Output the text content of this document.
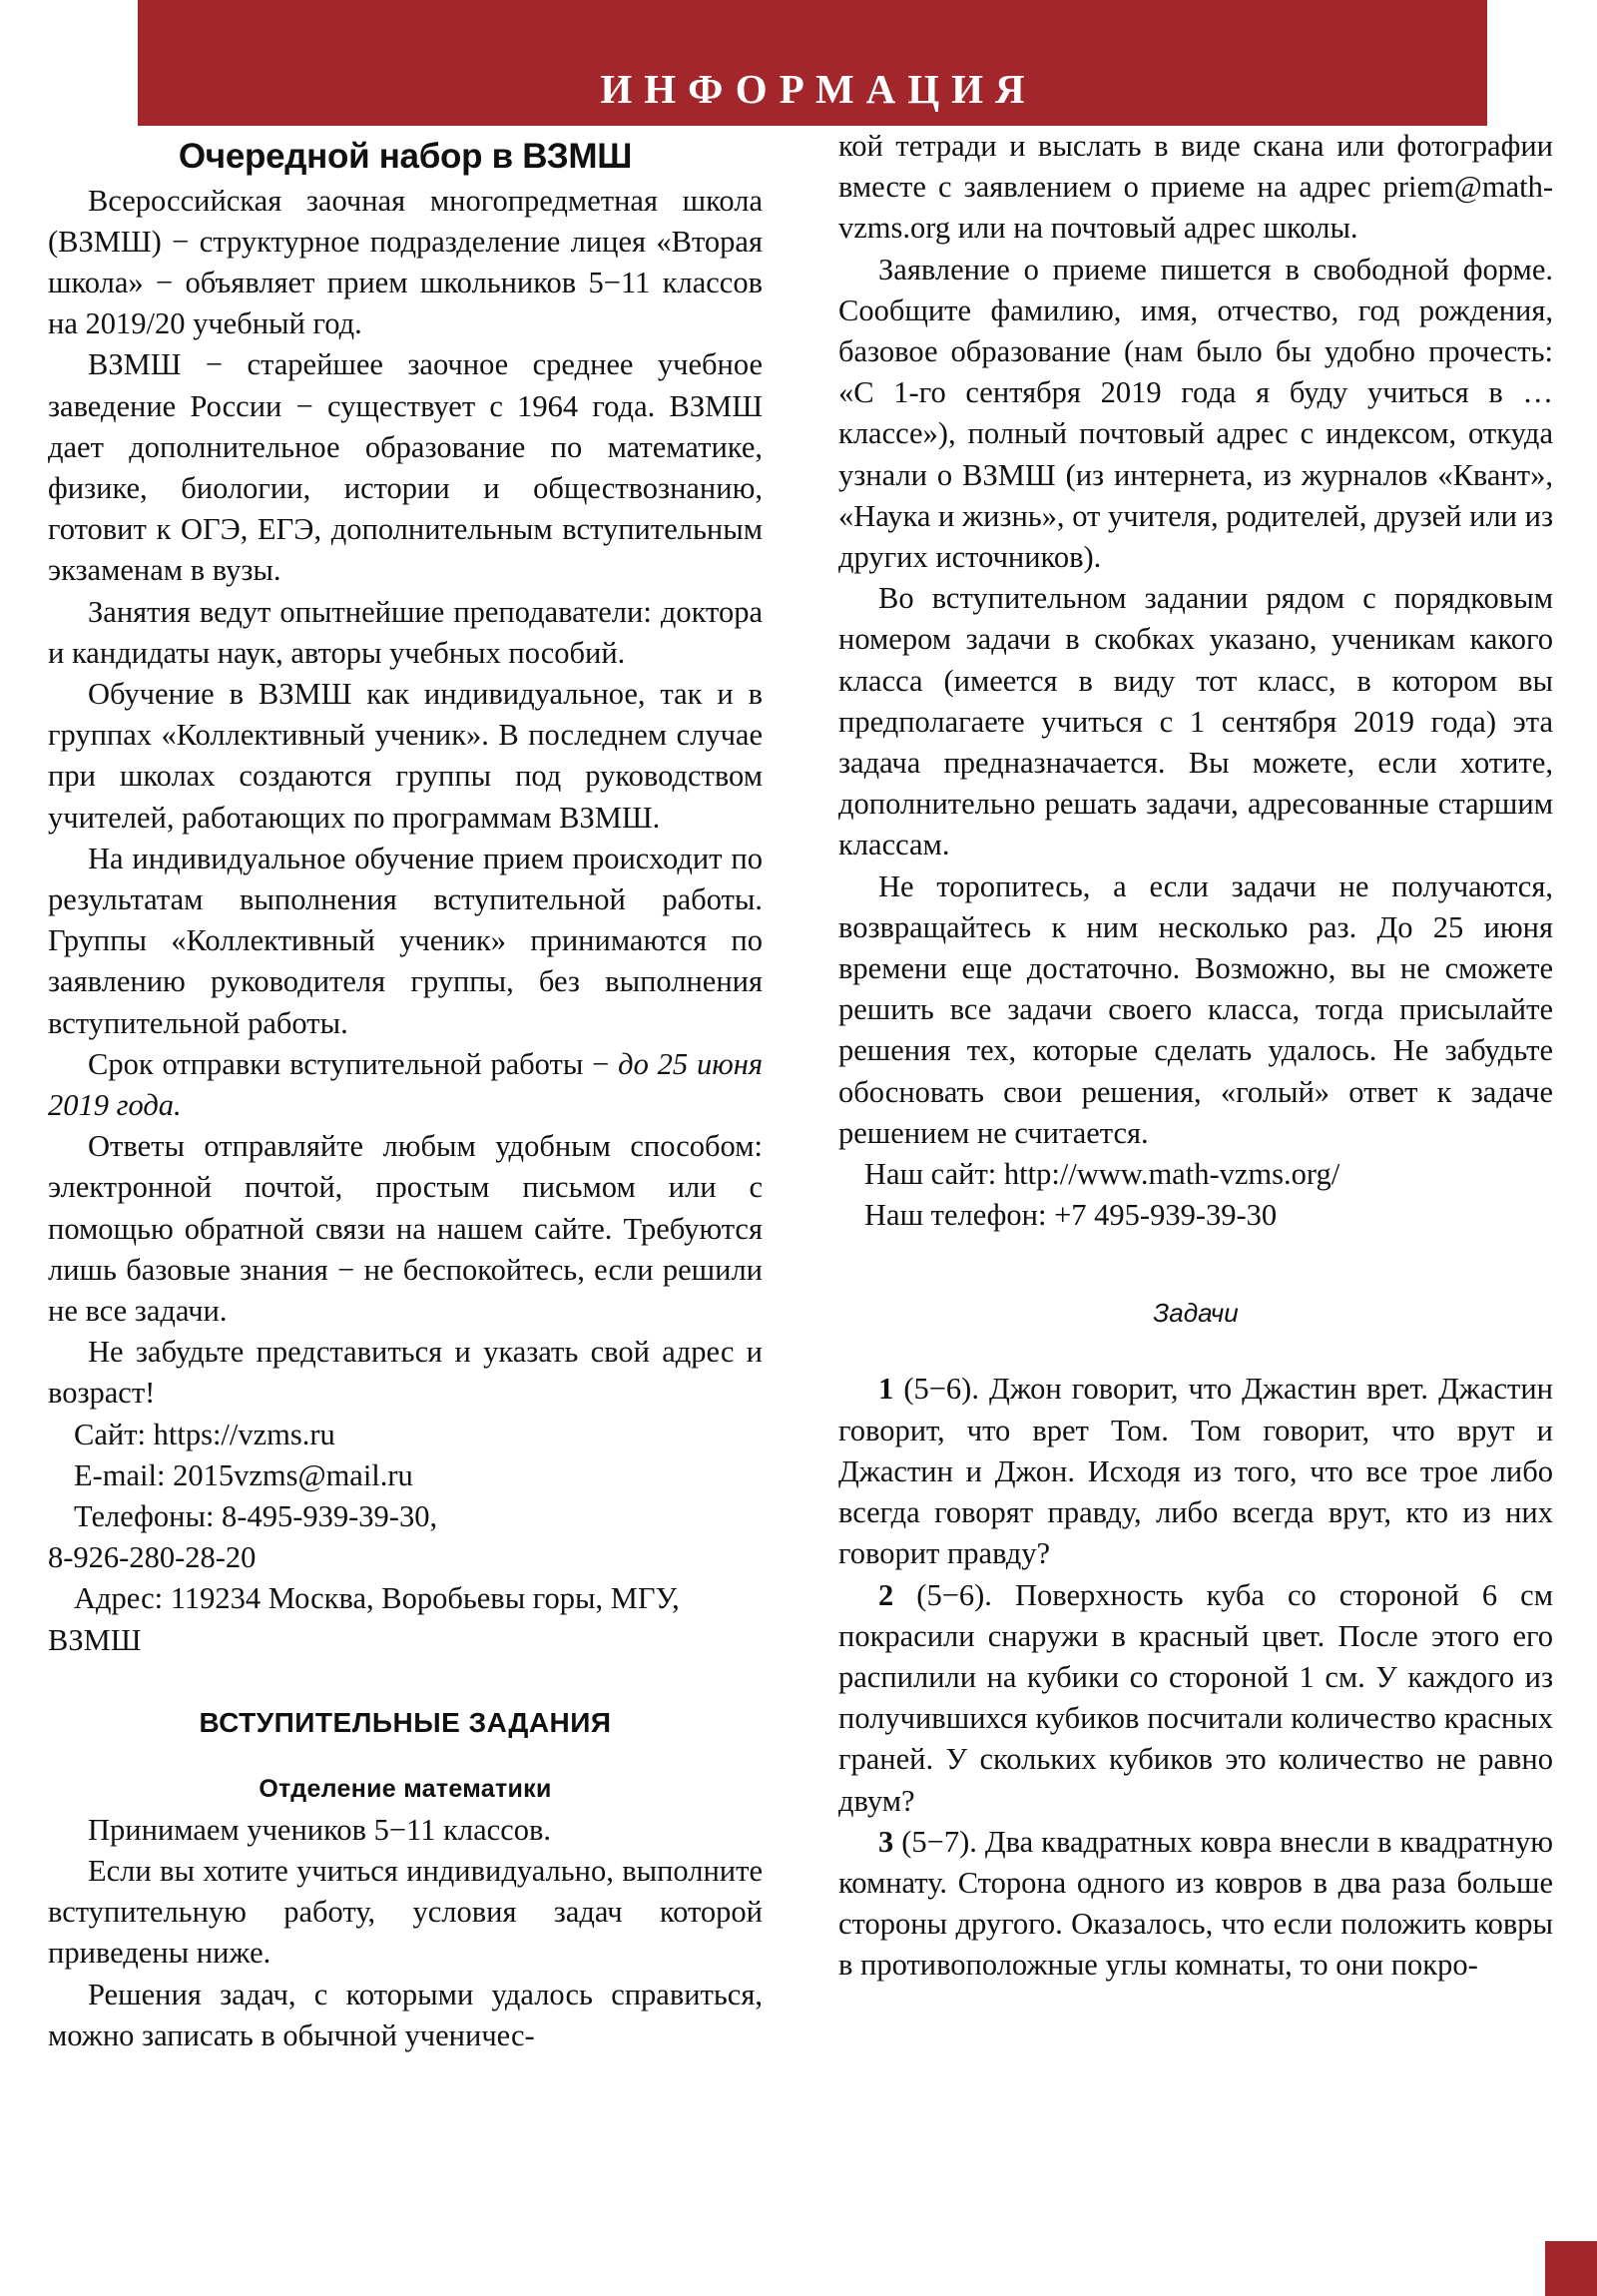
ИНФОРМАЦИЯ
Очередной набор в ВЗМШ

Всероссийская заочная многопредметная школа (ВЗМШ) − структурное подразделение лицея «Вторая школа» − объявляет прием школьников 5−11 классов на 2019/20 учебный год.

ВЗМШ − старейшее заочное среднее учебное заведение России − существует с 1964 года. ВЗМШ дает дополнительное образование по математике, физике, биологии, истории и обществознанию, готовит к ОГЭ, ЕГЭ, дополнительным вступительным экзаменам в вузы.

Занятия ведут опытнейшие преподаватели: доктора и кандидаты наук, авторы учебных пособий.

Обучение в ВЗМШ как индивидуальное, так и в группах «Коллективный ученик». В последнем случае при школах создаются группы под руководством учителей, работающих по программам ВЗМШ.

На индивидуальное обучение прием происходит по результатам выполнения вступительной работы. Группы «Коллективный ученик» принимаются по заявлению руководителя группы, без выполнения вступительной работы.

Срок отправки вступительной работы − до 25 июня 2019 года.

Ответы отправляйте любым удобным способом: электронной почтой, простым письмом или с помощью обратной связи на нашем сайте. Требуются лишь базовые знания − не беспокойтесь, если решили не все задачи.

Не забудьте представиться и указать свой адрес и возраст!

Сайт: https://vzms.ru

E-mail: 2015vzms@mail.ru

Телефоны: 8-495-939-39-30,

8-926-280-28-20

Адрес: 119234 Москва, Воробьевы горы, МГУ, ВЗМШ

ВСТУПИТЕЛЬНЫЕ ЗАДАНИЯ
Отделение математики

Принимаем учеников 5−11 классов.

Если вы хотите учиться индивидуально, выполните вступительную работу, условия задач которой приведены ниже.

Решения задач, с которыми удалось справиться, можно записать в обычной ученичес-

кой тетради и выслать в виде скана или фотографии вместе с заявлением о приеме на адрес priem@math-vzms.org или на почтовый адрес школы.

Заявление о приеме пишется в свободной форме. Сообщите фамилию, имя, отчество, год рождения, базовое образование (нам было бы удобно прочесть: «С 1-го сентября 2019 года я буду учиться в … классе»), полный почтовый адрес с индексом, откуда узнали о ВЗМШ (из интернета, из журналов «Квант», «Наука и жизнь», от учителя, родителей, друзей или из других источников).

Во вступительном задании рядом с порядковым номером задачи в скобках указано, ученикам какого класса (имеется в виду тот класс, в котором вы предполагаете учиться с 1 сентября 2019 года) эта задача предназначается. Вы можете, если хотите, дополнительно решать задачи, адресованные старшим классам.

Не торопитесь, а если задачи не получаются, возвращайтесь к ним несколько раз. До 25 июня времени еще достаточно. Возможно, вы не сможете решить все задачи своего класса, тогда присылайте решения тех, которые сделать удалось. Не забудьте обосновать свои решения, «голый» ответ к задаче решением не считается.

Наш сайт: http://www.math-vzms.org/

Наш телефон: +7 495-939-39-30

Задачи

1 (5−6). Джон говорит, что Джастин врет. Джастин говорит, что врет Том. Том говорит, что врут и Джастин и Джон. Исходя из того, что все трое либо всегда говорят правду, либо всегда врут, кто из них говорит правду?

2 (5−6). Поверхность куба со стороной 6 см покрасили снаружи в красный цвет. После этого его распилили на кубики со стороной 1 см. У каждого из получившихся кубиков посчитали количество красных граней. У скольких кубиков это количество не равно двум?

3 (5−7). Два квадратных ковра внесли в квадратную комнату. Сторона одного из ковров в два раза больше стороны другого. Оказалось, что если положить ковры в противоположные углы комнаты, то они покро-
